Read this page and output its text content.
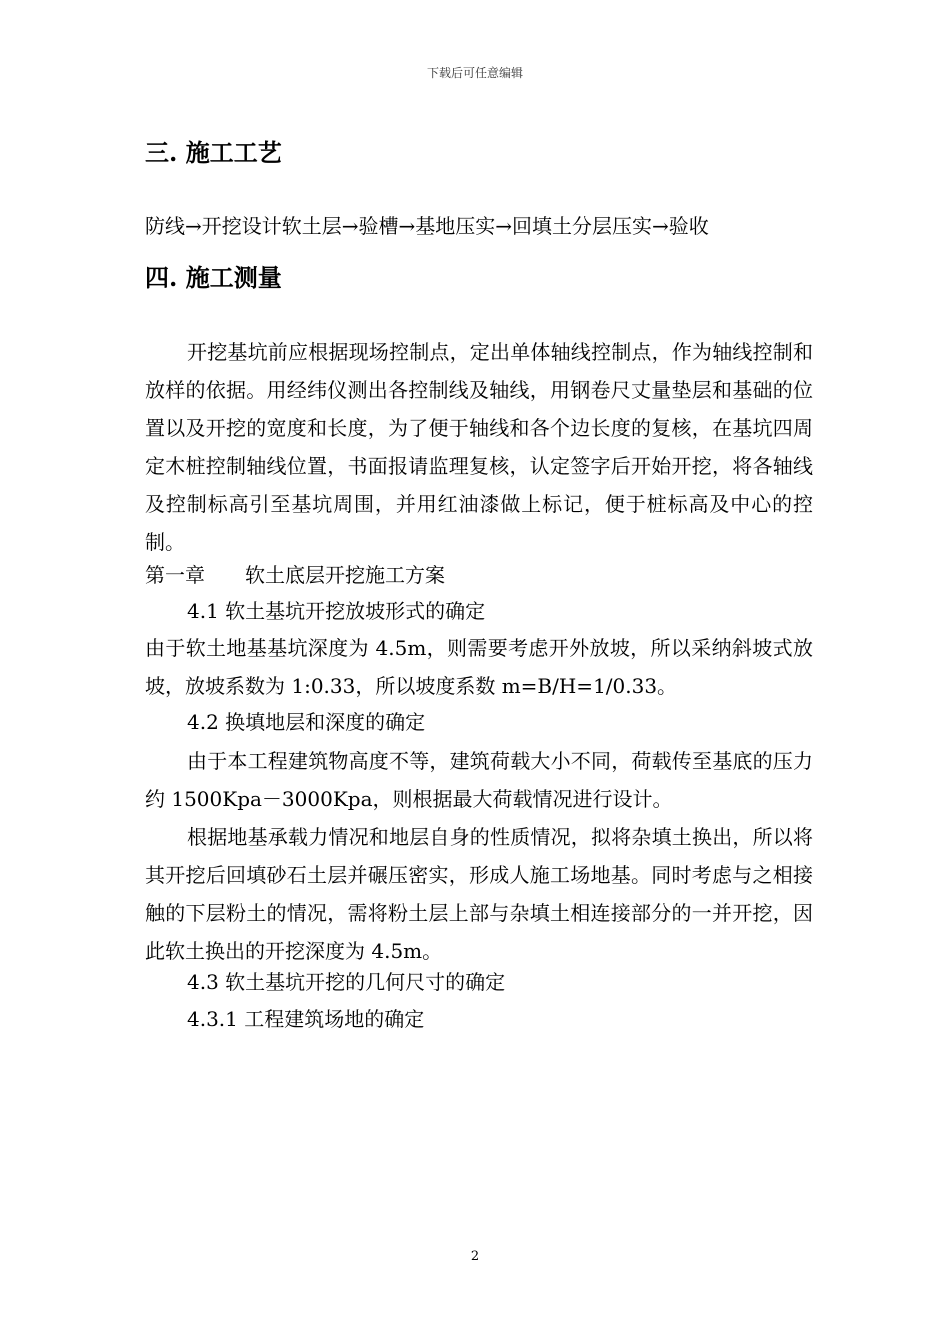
下载后可任意编辑
三. 施工工艺
防线→开挖设计软土层→验槽→基地压实→回填土分层压实→验收
四. 施工测量
开挖基坑前应根据现场控制点，定出单体轴线控制点，作为轴线控制和放样的依据。用经纬仪测出各控制线及轴线，用钢卷尺丈量垫层和基础的位置以及开挖的宽度和长度，为了便于轴线和各个边长度的复核，在基坑四周定木桩控制轴线位置，书面报请监理复核，认定签字后开始开挖，将各轴线及控制标高引至基坑周围，并用红油漆做上标记，便于桩标高及中心的控制。
第一章　　软土底层开挖施工方案
4.1 软土基坑开挖放坡形式的确定
由于软土地基基坑深度为 4.5m，则需要考虑开外放坡，所以采纳斜坡式放坡，放坡系数为 1:0.33，所以坡度系数 m=B/H=1/0.33。
4.2 换填地层和深度的确定
由于本工程建筑物高度不等，建筑荷载大小不同，荷载传至基底的压力约 1500Kpa－3000Kpa，则根据最大荷载情况进行设计。
根据地基承载力情况和地层自身的性质情况，拟将杂填土换出，所以将其开挖后回填砂石土层并碾压密实，形成人施工场地基。同时考虑与之相接触的下层粉土的情况，需将粉土层上部与杂填土相连接部分的一并开挖，因此软土换出的开挖深度为 4.5m。
4.3 软土基坑开挖的几何尺寸的确定
4.3.1 工程建筑场地的确定
2
